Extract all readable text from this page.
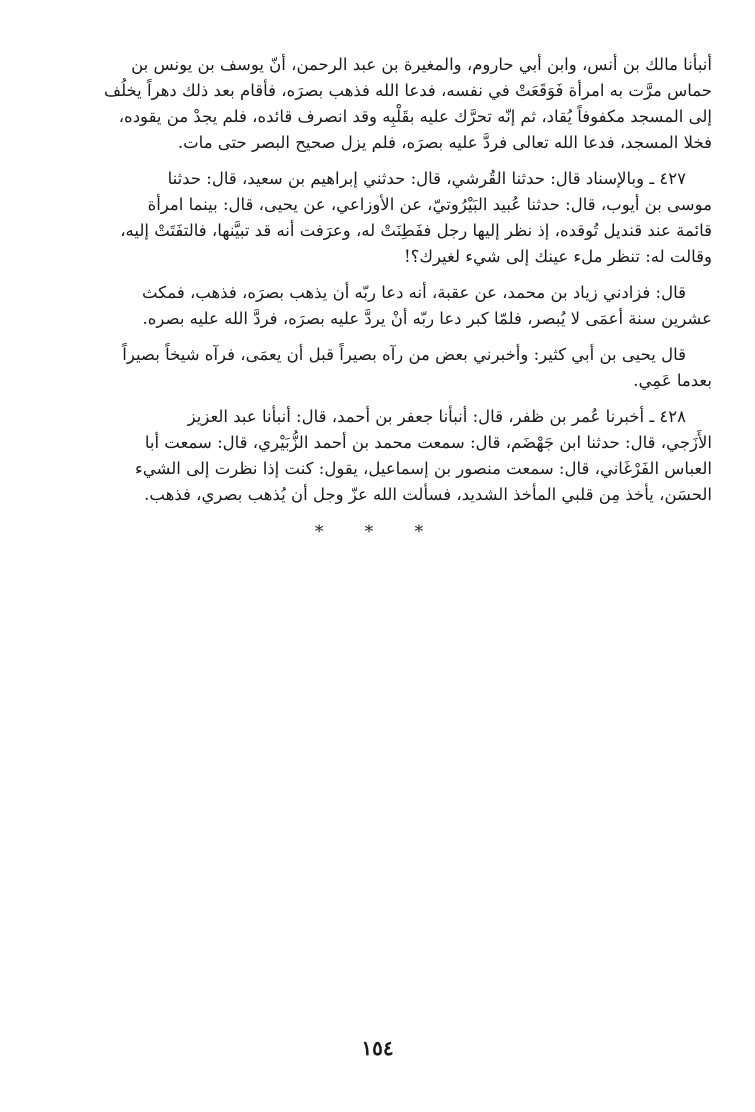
أنبأنا مالك بن أنس، وابن أبي حاروم، والمغيرة بن عبد الرحمن، أنّ يوسف بن يونس بن
حماس مرَّت به امرأة فَوَقَعَتْ في نفسه، فدعا الله فذهب بصرَه، فأقام بعد ذلك دهراً يخلُف
إلى المسجد مكفوفاً يُقاد، ثم إنّه تحرَّك عليه بقَلْبِه وقد انصرف قائده، فلم يجدْ من يقوده،
فخلا المسجد، فدعا الله تعالى فردَّ عليه بصرَه، فلم يزل صحيح البصر حتى مات.

٤٢٧ ـ وبالإسناد قال: حدثنا القُرشي، قال: حدثني إبراهيم بن سعيد، قال: حدثنا
موسى بن أيوب، قال: حدثنا عُبيد البَيْرُوتيّ، عن الأوزاعي، عن يحيى، قال: بينما امرأة
قائمة عند قنديل تُوقده، إذ نظر إليها رجل ففَطِنَتْ له، وعرَفت أنه قد تبيَّنها، فالتفَتَتْ إليه،
وقالت له: تنظر ملء عينك إلى شيء لغيرك؟!

قال: فزادني زياد بن محمد، عن عقبة، أنه دعا ربّه أن يذهب بصرَه، فذهب، فمكث
عشرين سنة أعمَى لا يُبصر، فلمّا كبر دعا ربّه أنْ يردَّ عليه بصرَه، فردَّ الله عليه بصره.

قال يحيى بن أبي كثير: وأخبرني بعض من رآه بصيراً قبل أن يعمَى، فرآه شيخاً بصيراً
بعدما عَمِي.

٤٢٨ ـ أخبرنا عُمر بن ظفر، قال: أنبأنا جعفر بن أحمد، قال: أنبأنا عبد العزيز
الأَزَجي، قال: حدثنا ابن جَهْضَم، قال: سمعت محمد بن أحمد الزُّبَيْري، قال: سمعت أبا
العباس الفَرْغَاني، قال: سمعت منصور بن إسماعيل، يقول: كنت إذا نظرت إلى الشيء
الحسَن، يأخذ مِن قلبي المأخذ الشديد، فسألت الله عزّ وجل أن يُذهب بصري، فذهب.

* * *
١٥٤
